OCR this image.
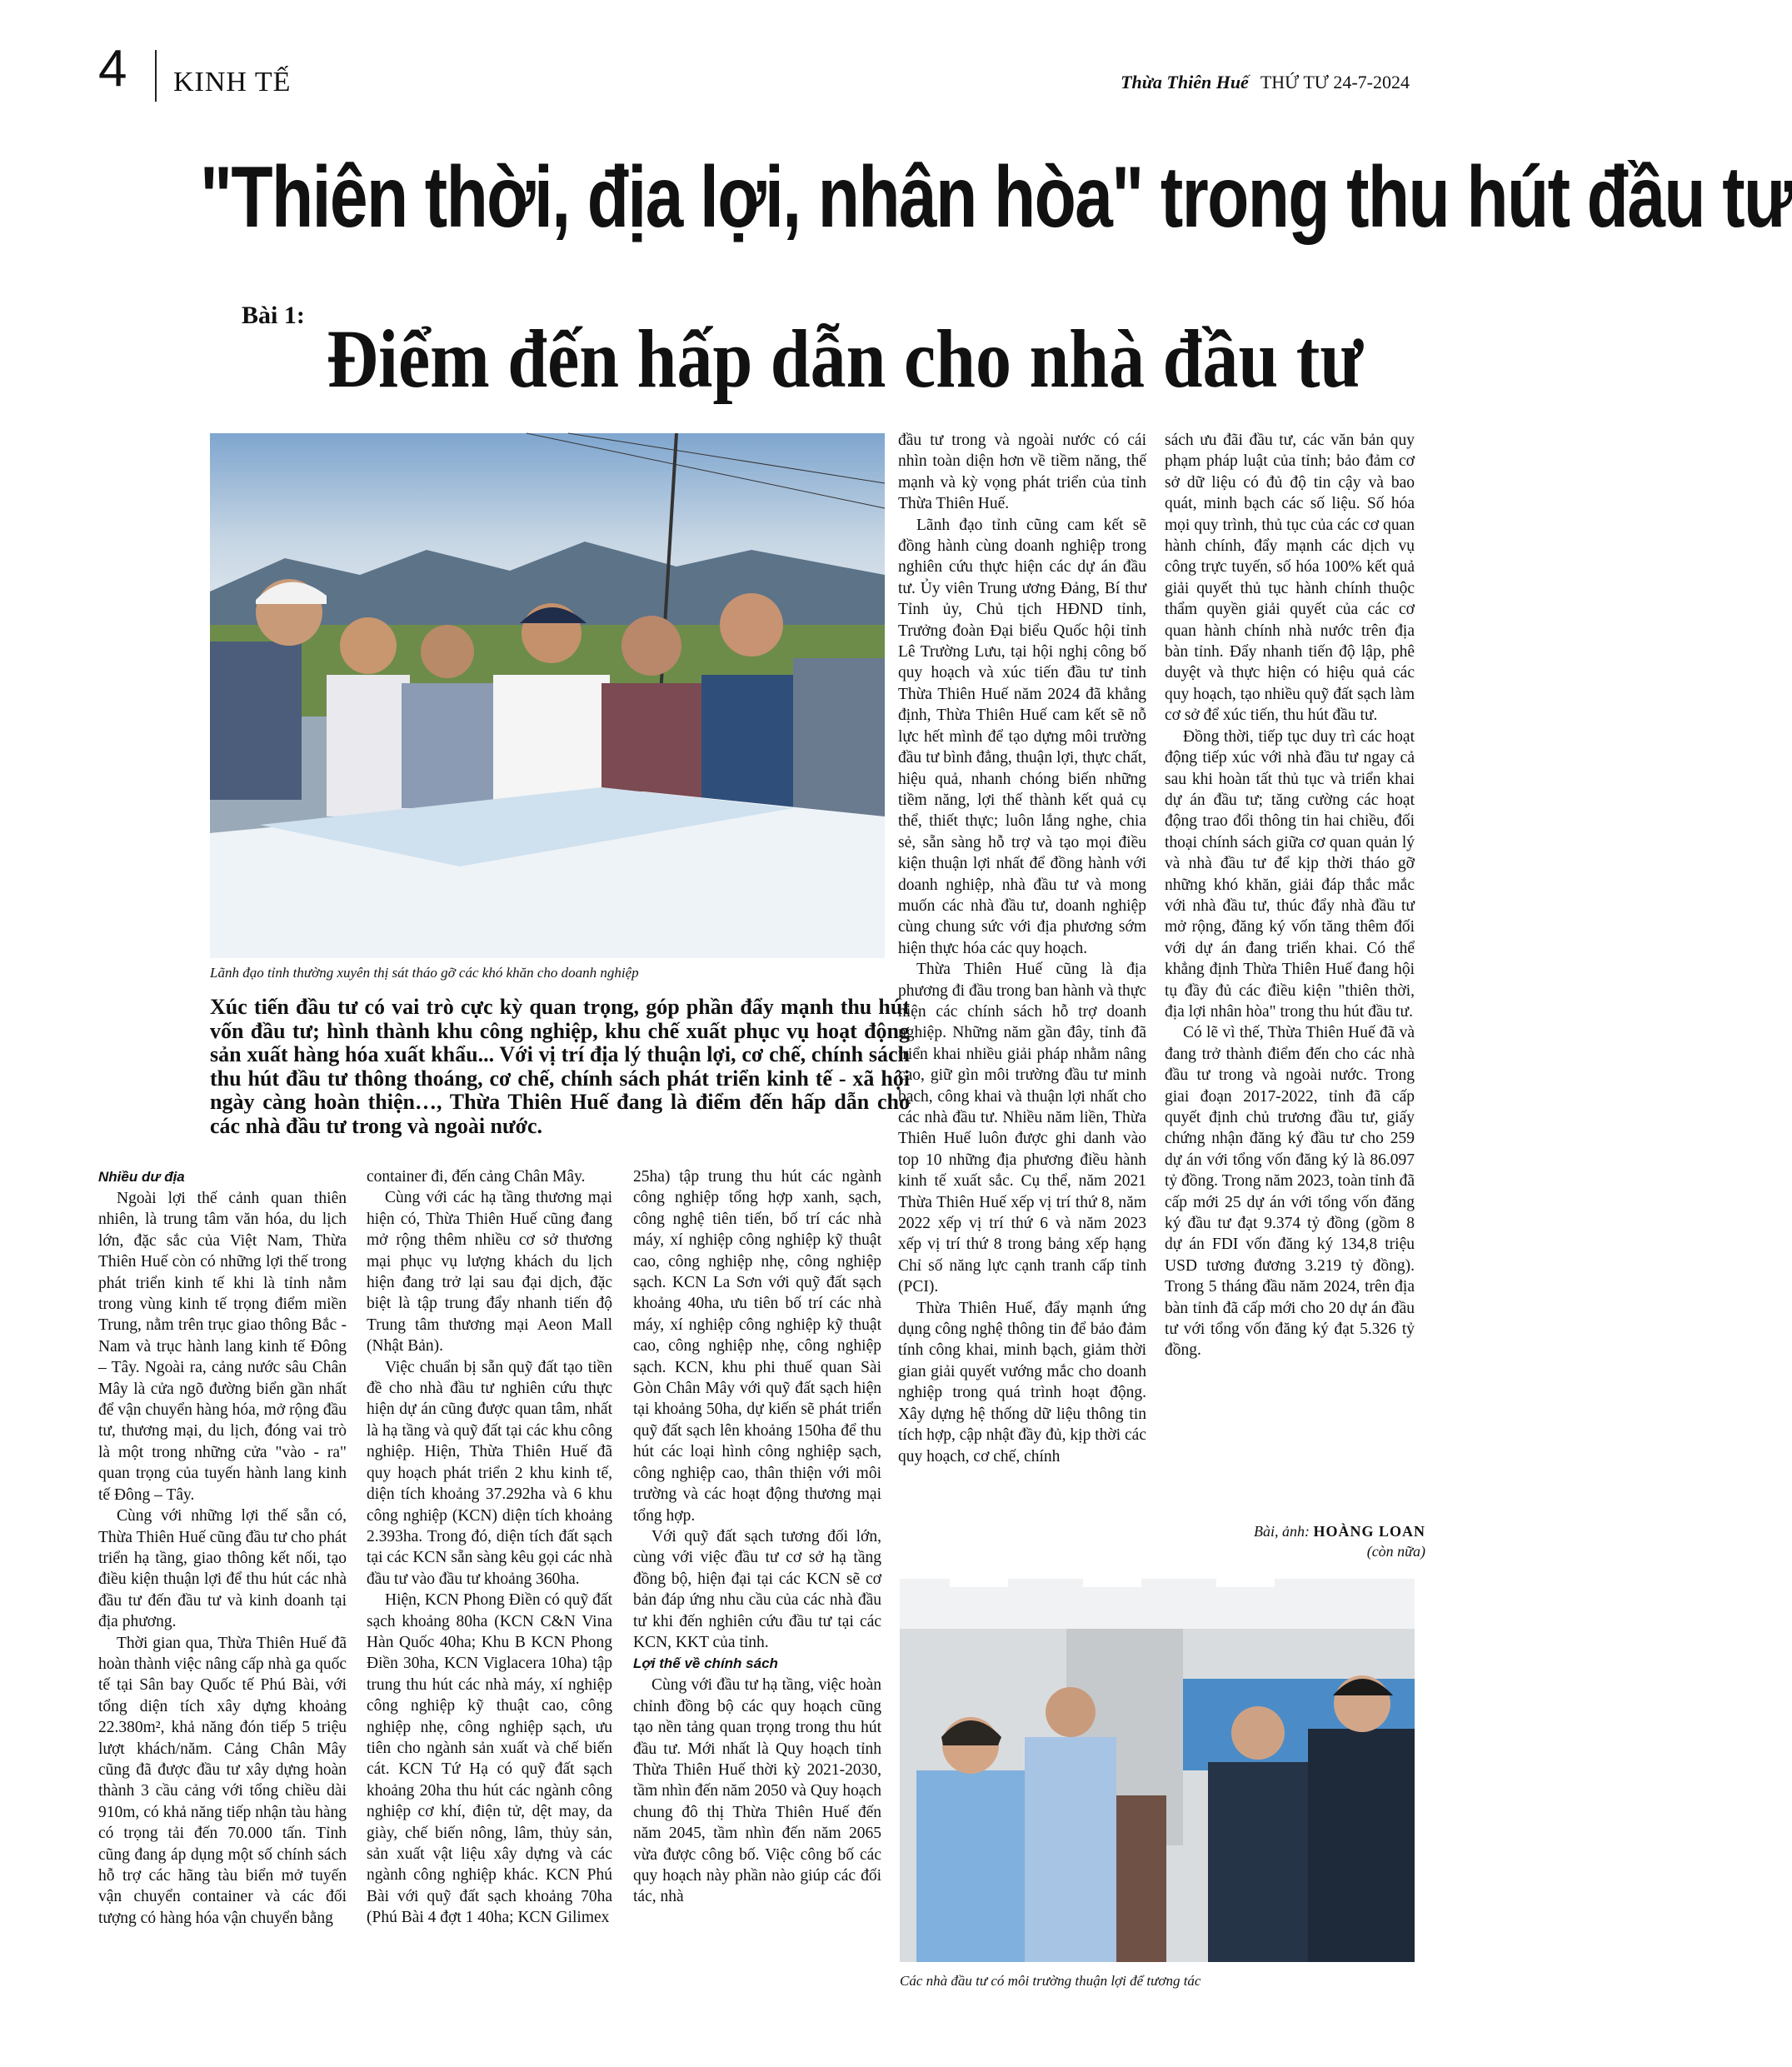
4 KINH TẾ	Thừa Thiên Huế THỨ TƯ 24-7-2024
"Thiên thời, địa lợi, nhân hòa" trong thu hút đầu tư
Bài 1: Điểm đến hấp dẫn cho nhà đầu tư
Lãnh đạo tỉnh thường xuyên thị sát tháo gỡ các khó khăn cho doanh nghiệp
Xúc tiến đầu tư có vai trò cực kỳ quan trọng, góp phần đẩy mạnh thu hút vốn đầu tư; hình thành khu công nghiệp, khu chế xuất phục vụ hoạt động sản xuất hàng hóa xuất khẩu... Với vị trí địa lý thuận lợi, cơ chế, chính sách thu hút đầu tư thông thoáng, cơ chế, chính sách phát triển kinh tế - xã hội ngày càng hoàn thiện…, Thừa Thiên Huế đang là điểm đến hấp dẫn cho các nhà đầu tư trong và ngoài nước.
Nhiều dư địa

Ngoài lợi thế cảnh quan thiên nhiên, là trung tâm văn hóa, du lịch lớn, đặc sắc của Việt Nam, Thừa Thiên Huế còn có những lợi thế trong phát triển kinh tế khi là tỉnh nằm trong vùng kinh tế trọng điểm miền Trung, nằm trên trục giao thông Bắc - Nam và trục hành lang kinh tế Đông – Tây. Ngoài ra, cảng nước sâu Chân Mây là cửa ngõ đường biển gần nhất để vận chuyển hàng hóa, mở rộng đầu tư, thương mại, du lịch, đóng vai trò là một trong những cửa "vào - ra" quan trọng của tuyến hành lang kinh tế Đông – Tây.

Cùng với những lợi thế sẵn có, Thừa Thiên Huế cũng đầu tư cho phát triển hạ tầng, giao thông kết nối, tạo điều kiện thuận lợi để thu hút các nhà đầu tư đến đầu tư và kinh doanh tại địa phương.

Thời gian qua, Thừa Thiên Huế đã hoàn thành việc nâng cấp nhà ga quốc tế tại Sân bay Quốc tế Phú Bài, với tổng diện tích xây dựng khoảng 22.380m², khả năng đón tiếp 5 triệu lượt khách/năm. Cảng Chân Mây cũng đã được đầu tư xây dựng hoàn thành 3 cầu cảng với tổng chiều dài 910m, có khả năng tiếp nhận tàu hàng có trọng tải đến 70.000 tấn. Tỉnh cũng đang áp dụng một số chính sách hỗ trợ các hãng tàu biển mở tuyến vận chuyển container và các đối tượng có hàng hóa vận chuyển bằng

container đi, đến cảng Chân Mây.

Cùng với các hạ tầng thương mại hiện có, Thừa Thiên Huế cũng đang mở rộng thêm nhiều cơ sở thương mại phục vụ lượng khách du lịch hiện đang trở lại sau đại dịch, đặc biệt là tập trung đẩy nhanh tiến độ Trung tâm thương mại Aeon Mall (Nhật Bản).

Việc chuẩn bị sẵn quỹ đất tạo tiền đề cho nhà đầu tư nghiên cứu thực hiện dự án cũng được quan tâm, nhất là hạ tầng và quỹ đất tại các khu công nghiệp. Hiện, Thừa Thiên Huế đã quy hoạch phát triển 2 khu kinh tế, diện tích khoảng 37.292ha và 6 khu công nghiệp (KCN) diện tích khoảng 2.393ha. Trong đó, diện tích đất sạch tại các KCN sẵn sàng kêu gọi các nhà đầu tư vào đầu tư khoảng 360ha.

Hiện, KCN Phong Điền có quỹ đất sạch khoảng 80ha (KCN C&N Vina Hàn Quốc 40ha; Khu B KCN Phong Điền 30ha, KCN Viglacera 10ha) tập trung thu hút các nhà máy, xí nghiệp công nghiệp kỹ thuật cao, công nghiệp nhẹ, công nghiệp sạch, ưu tiên cho ngành sản xuất và chế biến cát. KCN Tứ Hạ có quỹ đất sạch khoảng 20ha thu hút các ngành công nghiệp cơ khí, điện tử, dệt may, da giày, chế biến nông, lâm, thủy sản, sản xuất vật liệu xây dựng và các ngành công nghiệp khác. KCN Phú Bài với quỹ đất sạch khoảng 70ha (Phú Bài 4 đợt 1 40ha; KCN Gilimex

25ha) tập trung thu hút các ngành công nghiệp tổng hợp xanh, sạch, công nghệ tiên tiến, bố trí các nhà máy, xí nghiệp công nghiệp kỹ thuật cao, công nghiệp nhẹ, công nghiệp sạch. KCN La Sơn với quỹ đất sạch khoảng 40ha, ưu tiên bố trí các nhà máy, xí nghiệp công nghiệp kỹ thuật cao, công nghiệp nhẹ, công nghiệp sạch. KCN, khu phi thuế quan Sài Gòn Chân Mây với quỹ đất sạch hiện tại khoảng 50ha, dự kiến sẽ phát triển quỹ đất sạch lên khoảng 150ha để thu hút các loại hình công nghiệp sạch, công nghiệp cao, thân thiện với môi trường và các hoạt động thương mại tổng hợp.

Với quỹ đất sạch tương đối lớn, cùng với việc đầu tư cơ sở hạ tầng đồng bộ, hiện đại tại các KCN sẽ cơ bản đáp ứng nhu cầu của các nhà đầu tư khi đến nghiên cứu đầu tư tại các KCN, KKT của tỉnh.

Lợi thế về chính sách

Cùng với đầu tư hạ tầng, việc hoàn chỉnh đồng bộ các quy hoạch cũng tạo nền tảng quan trọng trong thu hút đầu tư. Mới nhất là Quy hoạch tỉnh Thừa Thiên Huế thời kỳ 2021-2030, tầm nhìn đến năm 2050 và Quy hoạch chung đô thị Thừa Thiên Huế đến năm 2045, tầm nhìn đến năm 2065 vừa được công bố. Việc công bố các quy hoạch này phần nào giúp các đối tác, nhà

đầu tư trong và ngoài nước có cái nhìn toàn diện hơn về tiềm năng, thế mạnh và kỳ vọng phát triển của tỉnh Thừa Thiên Huế.

Lãnh đạo tỉnh cũng cam kết sẽ đồng hành cùng doanh nghiệp trong nghiên cứu thực hiện các dự án đầu tư. Ủy viên Trung ương Đảng, Bí thư Tỉnh ủy, Chủ tịch HĐND tỉnh, Trưởng đoàn Đại biểu Quốc hội tỉnh Lê Trường Lưu, tại hội nghị công bố quy hoạch và xúc tiến đầu tư tỉnh Thừa Thiên Huế năm 2024 đã khẳng định, Thừa Thiên Huế cam kết sẽ nỗ lực hết mình để tạo dựng môi trường đầu tư bình đẳng, thuận lợi, thực chất, hiệu quả, nhanh chóng biến những tiềm năng, lợi thế thành kết quả cụ thể, thiết thực; luôn lắng nghe, chia sẻ, sẵn sàng hỗ trợ và tạo mọi điều kiện thuận lợi nhất để đồng hành với doanh nghiệp, nhà đầu tư và mong muốn các nhà đầu tư, doanh nghiệp cùng chung sức với địa phương sớm hiện thực hóa các quy hoạch.

Thừa Thiên Huế cũng là địa phương đi đầu trong ban hành và thực hiện các chính sách hỗ trợ doanh nghiệp. Những năm gần đây, tỉnh đã triển khai nhiều giải pháp nhằm nâng cao, giữ gìn môi trường đầu tư minh bạch, công khai và thuận lợi nhất cho các nhà đầu tư. Nhiều năm liền, Thừa Thiên Huế luôn được ghi danh vào top 10 những địa phương điều hành kinh tế xuất sắc. Cụ thể, năm 2021 Thừa Thiên Huế xếp vị trí thứ 8, năm 2022 xếp vị trí thứ 6 và năm 2023 xếp vị trí thứ 8 trong bảng xếp hạng Chỉ số năng lực cạnh tranh cấp tỉnh (PCI).

Thừa Thiên Huế, đẩy mạnh ứng dụng công nghệ thông tin để bảo đảm tính công khai, minh bạch, giảm thời gian giải quyết vướng mắc cho doanh nghiệp trong quá trình hoạt động. Xây dựng hệ thống dữ liệu thông tin tích hợp, cập nhật đầy đủ, kịp thời các quy hoạch, cơ chế, chính

sách ưu đãi đầu tư, các văn bản quy phạm pháp luật của tỉnh; bảo đảm cơ sở dữ liệu có đủ độ tin cậy và bao quát, minh bạch các số liệu. Số hóa mọi quy trình, thủ tục của các cơ quan hành chính, đẩy mạnh các dịch vụ công trực tuyến, số hóa 100% kết quả giải quyết thủ tục hành chính thuộc thẩm quyền giải quyết của các cơ quan hành chính nhà nước trên địa bàn tỉnh. Đẩy nhanh tiến độ lập, phê duyệt và thực hiện có hiệu quả các quy hoạch, tạo nhiều quỹ đất sạch làm cơ sở để xúc tiến, thu hút đầu tư.

Đồng thời, tiếp tục duy trì các hoạt động tiếp xúc với nhà đầu tư ngay cả sau khi hoàn tất thủ tục và triển khai dự án đầu tư; tăng cường các hoạt động trao đổi thông tin hai chiều, đối thoại chính sách giữa cơ quan quản lý và nhà đầu tư để kịp thời tháo gỡ những khó khăn, giải đáp thắc mắc với nhà đầu tư, thúc đẩy nhà đầu tư mở rộng, đăng ký vốn tăng thêm đối với dự án đang triển khai. Có thể khẳng định Thừa Thiên Huế đang hội tụ đầy đủ các điều kiện "thiên thời, địa lợi nhân hòa" trong thu hút đầu tư.

Có lẽ vì thế, Thừa Thiên Huế đã và đang trở thành điểm đến cho các nhà đầu tư trong và ngoài nước. Trong giai đoạn 2017-2022, tỉnh đã cấp quyết định chủ trương đầu tư, giấy chứng nhận đăng ký đầu tư cho 259 dự án với tổng vốn đăng ký là 86.097 tỷ đồng. Trong năm 2023, toàn tỉnh đã cấp mới 25 dự án với tổng vốn đăng ký đầu tư đạt 9.374 tỷ đồng (gồm 8 dự án FDI vốn đăng ký 134,8 triệu USD tương đương 3.219 tỷ đồng). Trong 5 tháng đầu năm 2024, trên địa bàn tỉnh đã cấp mới cho 20 dự án đầu tư với tổng vốn đăng ký đạt 5.326 tỷ đồng.

Bài, ảnh: HOÀNG LOAN
(còn nữa)
Các nhà đầu tư có môi trường thuận lợi để tương tác
